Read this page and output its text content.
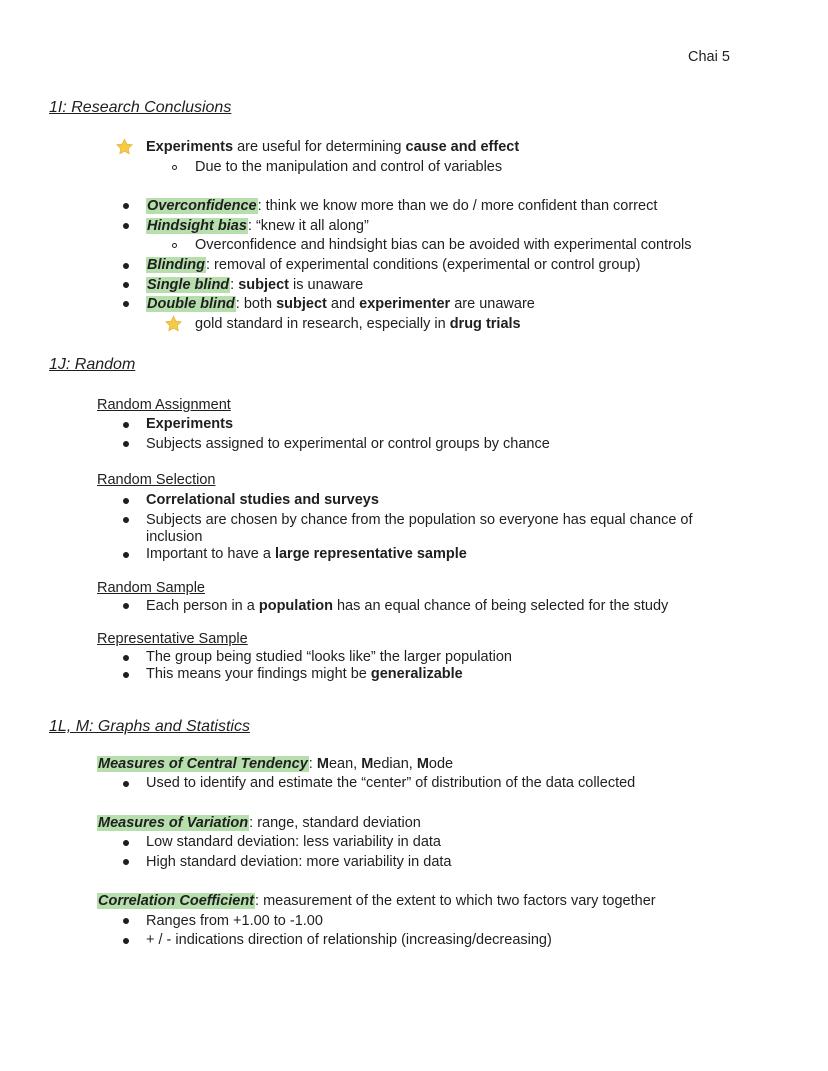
Chai 5
1I: Research Conclusions
Experiments are useful for determining cause and effect
Due to the manipulation and control of variables
Overconfidence: think we know more than we do / more confident than correct
Hindsight bias: “knew it all along”
Overconfidence and hindsight bias can be avoided with experimental controls
Blinding: removal of experimental conditions (experimental or control group)
Single blind: subject is unaware
Double blind: both subject and experimenter are unaware
gold standard in research, especially in drug trials
1J: Random
Random Assignment
Experiments
Subjects assigned to experimental or control groups by chance
Random Selection
Correlational studies and surveys
Subjects are chosen by chance from the population so everyone has equal chance of
inclusion
Important to have a large representative sample
Random Sample
Each person in a population has an equal chance of being selected for the study
Representative Sample
The group being studied “looks like” the larger population
This means your findings might be generalizable
1L, M: Graphs and Statistics
Measures of Central Tendency: Mean, Median, Mode
Used to identify and estimate the “center” of distribution of the data collected
Measures of Variation: range, standard deviation
Low standard deviation: less variability in data
High standard deviation: more variability in data
Correlation Coefficient: measurement of the extent to which two factors vary together
Ranges from +1.00 to -1.00
+ / - indications direction of relationship (increasing/decreasing)
